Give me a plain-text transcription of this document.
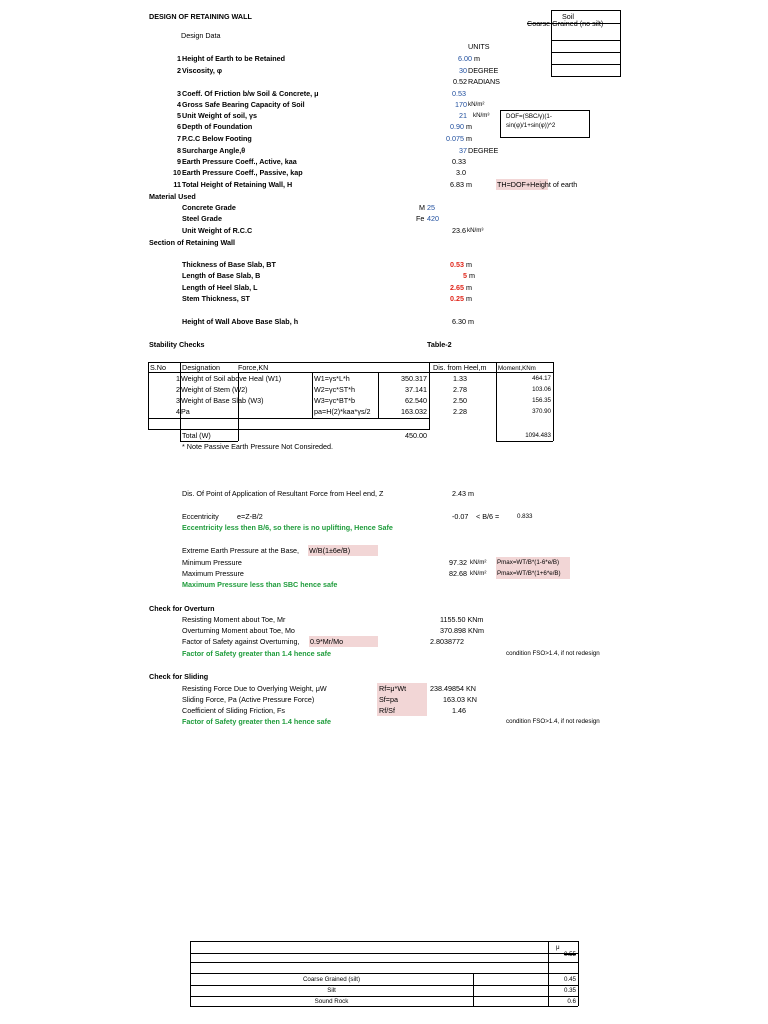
DESIGN OF RETAINING WALL	Soil
Coarse Grained (no silt)
Design Data
UNITS
1 Height of Earth to be Retained	6.00 m
2 Viscosity, φ	30 DEGREE
0.52 RADIANS
3 Coeff. Of Friction b/w Soil & Concrete, μ	0.53
4 Gross Safe Bearing Capacity of Soil	170 kN/m²
5 Unit Weight of soil, γs	21 kN/m³
6 Depth of Foundation	0.90 m
DOF=(SBC/γ)(1-sin(φ)/1+sin(φ))^2
7 P.C.C Below Footing	0.075 m
8 Surcharge Angle,θ	37 DEGREE
9 Earth Pressure Coeff., Active, kaa	0.33
10 Earth Pressure Coeff., Passive, kap	3.0
11 Total Height of Retaining Wall, H	6.83 m	TH=DOF+Height of earth
Material Used
Concrete Grade	M 25
Steel Grade	Fe 420
Unit Weight of R.C.C	23.6 kN/m³
Section of Retaining Wall
Thickness of Base Slab, BT	0.53 m
Length of Base Slab, B	5 m
Length of Heel Slab, L	2.65 m
Stem Thickness, ST	0.25 m
Height of Wall Above Base Slab, h	6.30 m
Stability Checks	Table-2
S.No Designation	Force,KN	Dis. from Heel,m Moment,KNm
1 Weight of Soil above Heal (W1)	W1=γs*L*h	350.317	1.33	464.17
2 Weight of Stem (W2)	W2=γc*ST*h	37.141	2.78	103.06
3 Weight of Base Slab (W3)	W3=γc*BT*b	62.540	2.50	156.35
4 Pa	pa=H(2)*kaa*γs/2	163.032	2.28	370.90
Total (W)	450.00	1094.483
* Note Passive Earth Pressure Not Consireded.
Dis. Of Point of Application of Resultant Force from Heel end, Z	2.43 m
Eccentricity	e=Z-B/2	-0.07 < B/6 =	0.833
Eccentricity less then B/6, so there is no uplifting, Hence Safe
Extreme Earth Pressure at the Base, W/B(1±6e/B)
Minimum Pressure	97.32 kN/m² Pmax=WT/B*(1-6*e/B)
Maximum Pressure	82.68 kN/m² Pmax=WT/B*(1+6*e/B)
Maximum Pressure less than SBC hence safe
Check for Overturn
Resisting Moment about Toe, Mr	1155.50 KNm
Overturning Moment about Toe, Mo	370.898 KNm
Factor of Safety against Overturning, 0.9*Mr/Mo	2.8038772
Factor of Safety greater than 1.4 hence safe	condition FSO>1.4, if not redesign
Check for Sliding
Resisting Force Due to Overlying Weight, μW	Rf=μ*Wt	238.49854 KN
Sliding Force, Pa (Active Pressure Force)	Sf=pa	163.03 KN
Coefficient of Sliding Friction, Fs	Rf/Sf	1.46
Factor of Safety greater then 1.4 hence safe	condition FSO>1.4, if not redesign
μ
0.55
Coarse Grained (silt)	0.45
Silt	0.35
Sound Rock	0.6
